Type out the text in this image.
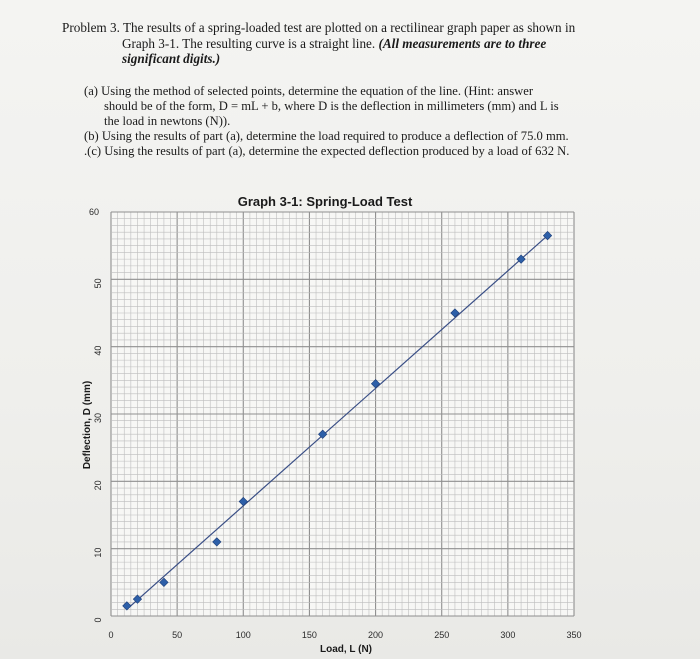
Problem 3. The results of a spring-loaded test are plotted on a rectilinear graph paper as shown in
Graph 3-1. The resulting curve is a straight line. (All measurements are to three
significant digits.)
(a) Using the method of selected points, determine the equation of the line. (Hint: answer
should be of the form, D = mL + b, where D is the deflection in millimeters (mm) and L is
the load in newtons (N)).
(b) Using the results of part (a), determine the load required to produce a deflection of 75.0 mm.
.(c) Using the results of part (a), determine the expected deflection produced by a load of 632 N.
Graph 3-1: Spring-Load Test
Load, L (N)
Deflection, D (mm)
0	50	100	150	200	250	300	350
0
10
20
30
40
50
60
